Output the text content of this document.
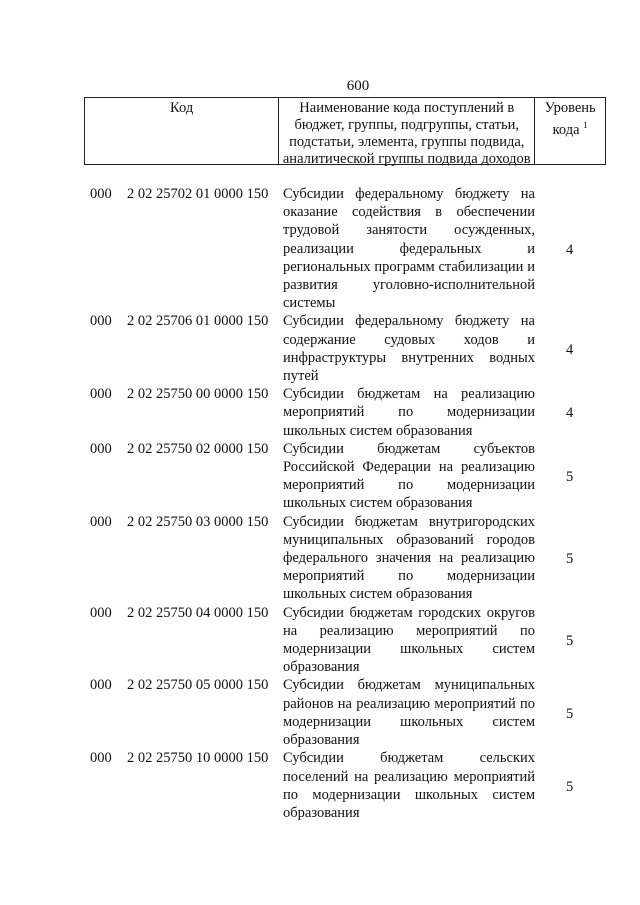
600
Код	Наименование кода поступлений в
бюджет, группы, подгруппы, статьи,
подстатьи, элемента, группы подвида,
аналитической группы подвида доходов
Уровень
кода $^1$
000	2 02 25702 01 0000 150	Субсидии федеральному бюджету на
оказание содействия в обеспечении
трудовой занятости осужденных,
реализации федеральных и
региональных программ стабилизации и
развития уголовно-исполнительной
системы
4
000	2 02 25706 01 0000 150	Субсидии федеральному бюджету на
содержание судовых ходов и
инфраструктуры внутренних водных
путей
4
000	2 02 25750 00 0000 150	Субсидии бюджетам на реализацию
мероприятий по модернизации
школьных систем образования
4
000	2 02 25750 02 0000 150	Субсидии бюджетам субъектов
Российской Федерации на реализацию
мероприятий по модернизации
школьных систем образования
5
000	2 02 25750 03 0000 150	Субсидии бюджетам внутригородских
муниципальных образований городов
федерального значения на реализацию
мероприятий по модернизации
школьных систем образования
5
000	2 02 25750 04 0000 150	Субсидии бюджетам городских округов
на реализацию мероприятий по
модернизации школьных систем
образования
5
000	2 02 25750 05 0000 150	Субсидии бюджетам муниципальных
районов на реализацию мероприятий по
модернизации школьных систем
образования
5
000	2 02 25750 10 0000 150	Субсидии бюджетам сельских
поселений на реализацию мероприятий
по модернизации школьных систем
образования
5
